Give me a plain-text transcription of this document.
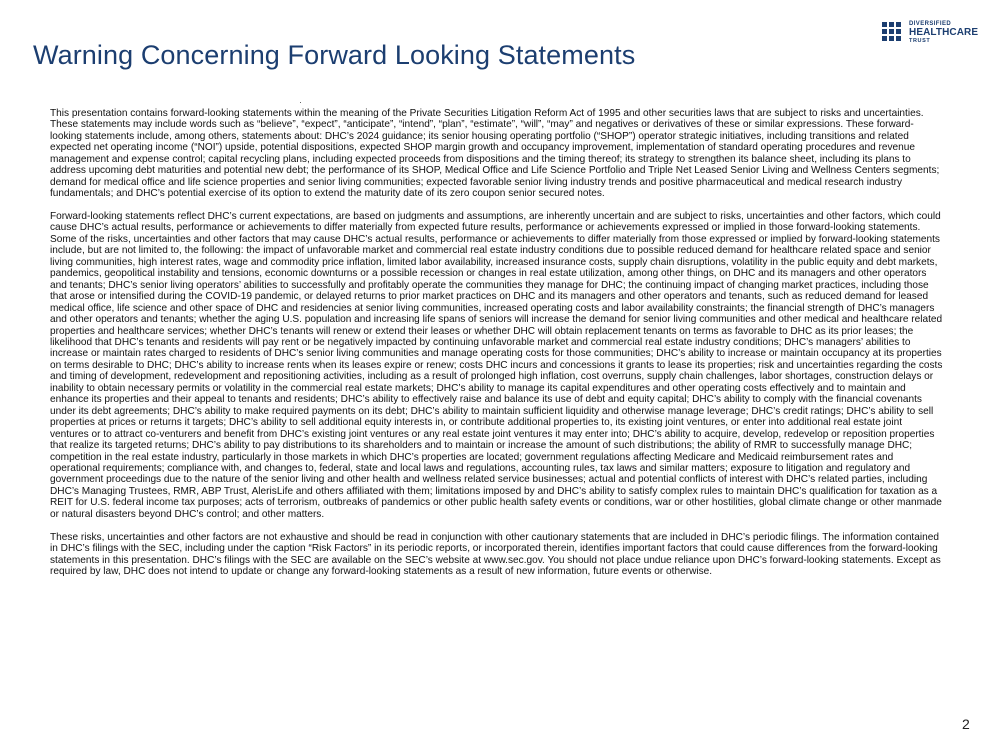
DIVERSIFIED
HEALTHCARE
TRUST
Warning Concerning Forward Looking Statements

This presentation contains forward-looking statements within the meaning of the Private Securities Litigation Reform Act of 1995 and other securities laws that are subject to risks and uncertainties. These statements may include words such as “believe”, “expect”, “anticipate”, “intend”, “plan”, “estimate”, “will”, “may” and negatives or derivatives of these or similar expressions. These forward-looking statements include, among others, statements about: DHC’s 2024 guidance; its senior housing operating portfolio (“SHOP”) operator strategic initiatives, including transitions and related expected net operating income (“NOI”) upside, potential dispositions, expected SHOP margin growth and occupancy improvement, implementation of standard operating procedures and revenue management and expense control; capital recycling plans, including expected proceeds from dispositions and the timing thereof; its strategy to strengthen its balance sheet, including its plans to address upcoming debt maturities and potential new debt; the performance of its SHOP, Medical Office and Life Science Portfolio and Triple Net Leased Senior Living and Wellness Centers segments; demand for medical office and life science properties and senior living communities; expected favorable senior living industry trends and positive pharmaceutical and medical research industry fundamentals; and DHC’s potential exercise of its option to extend the maturity date of its zero coupon senior secured notes.

Forward-looking statements reflect DHC’s current expectations, are based on judgments and assumptions, are inherently uncertain and are subject to risks, uncertainties and other factors, which could cause DHC’s actual results, performance or achievements to differ materially from expected future results, performance or achievements expressed or implied in those forward-looking statements. Some of the risks, uncertainties and other factors that may cause DHC’s actual results, performance or achievements to differ materially from those expressed or implied by forward-looking statements include, but are not limited to, the following: the impact of unfavorable market and commercial real estate industry conditions due to possible reduced demand for healthcare related space and senior living communities, high interest rates, wage and commodity price inflation, limited labor availability, increased insurance costs, supply chain disruptions, volatility in the public equity and debt markets, pandemics, geopolitical instability and tensions, economic downturns or a possible recession or changes in real estate utilization, among other things, on DHC and its managers and other operators and tenants; DHC’s senior living operators’ abilities to successfully and profitably operate the communities they manage for DHC; the continuing impact of changing market practices, including those that arose or intensified during the COVID-19 pandemic, or delayed returns to prior market practices on DHC and its managers and other operators and tenants, such as reduced demand for leased medical office, life science and other space of DHC and residencies at senior living communities, increased operating costs and labor availability constraints; the financial strength of DHC’s managers and other operators and tenants; whether the aging U.S. population and increasing life spans of seniors will increase the demand for senior living communities and other medical and healthcare related properties and healthcare services; whether DHC’s tenants will renew or extend their leases or whether DHC will obtain replacement tenants on terms as favorable to DHC as its prior leases; the likelihood that DHC’s tenants and residents will pay rent or be negatively impacted by continuing unfavorable market and commercial real estate industry conditions; DHC’s managers’ abilities to increase or maintain rates charged to residents of DHC’s senior living communities and manage operating costs for those communities; DHC’s ability to increase or maintain occupancy at its properties on terms desirable to DHC; DHC’s ability to increase rents when its leases expire or renew; costs DHC incurs and concessions it grants to lease its properties; risk and uncertainties regarding the costs and timing of development, redevelopment and repositioning activities, including as a result of prolonged high inflation, cost overruns, supply chain challenges, labor shortages, construction delays or inability to obtain necessary permits or volatility in the commercial real estate markets; DHC’s ability to manage its capital expenditures and other operating costs effectively and to maintain and enhance its properties and their appeal to tenants and residents; DHC’s ability to effectively raise and balance its use of debt and equity capital; DHC’s ability to comply with the financial covenants under its debt agreements; DHC’s ability to make required payments on its debt; DHC’s ability to maintain sufficient liquidity and otherwise manage leverage; DHC’s credit ratings; DHC’s ability to sell properties at prices or returns it targets; DHC’s ability to sell additional equity interests in, or contribute additional properties to, its existing joint ventures, or enter into additional real estate joint ventures or to attract co-venturers and benefit from DHC’s existing joint ventures or any real estate joint ventures it may enter into; DHC’s ability to acquire, develop, redevelop or reposition properties that realize its targeted returns; DHC’s ability to pay distributions to its shareholders and to maintain or increase the amount of such distributions; the ability of RMR to successfully manage DHC; competition in the real estate industry, particularly in those markets in which DHC’s properties are located; government regulations affecting Medicare and Medicaid reimbursement rates and operational requirements; compliance with, and changes to, federal, state and local laws and regulations, accounting rules, tax laws and similar matters; exposure to litigation and regulatory and government proceedings due to the nature of the senior living and other health and wellness related service businesses; actual and potential conflicts of interest with DHC’s related parties, including DHC’s Managing Trustees, RMR, ABP Trust, AlerisLife and others affiliated with them; limitations imposed by and DHC’s ability to satisfy complex rules to maintain DHC’s qualification for taxation as a REIT for U.S. federal income tax purposes; acts of terrorism, outbreaks of pandemics or other public health safety events or conditions, war or other hostilities, global climate change or other manmade or natural disasters beyond DHC’s control; and other matters.

These risks, uncertainties and other factors are not exhaustive and should be read in conjunction with other cautionary statements that are included in DHC’s periodic filings. The information contained in DHC’s filings with the SEC, including under the caption “Risk Factors” in its periodic reports, or incorporated therein, identifies important factors that could cause differences from the forward-looking statements in this presentation. DHC’s filings with the SEC are available on the SEC’s website at www.sec.gov. You should not place undue reliance upon DHC’s forward-looking statements. Except as required by law, DHC does not intend to update or change any forward-looking statements as a result of new information, future events or otherwise.

2
